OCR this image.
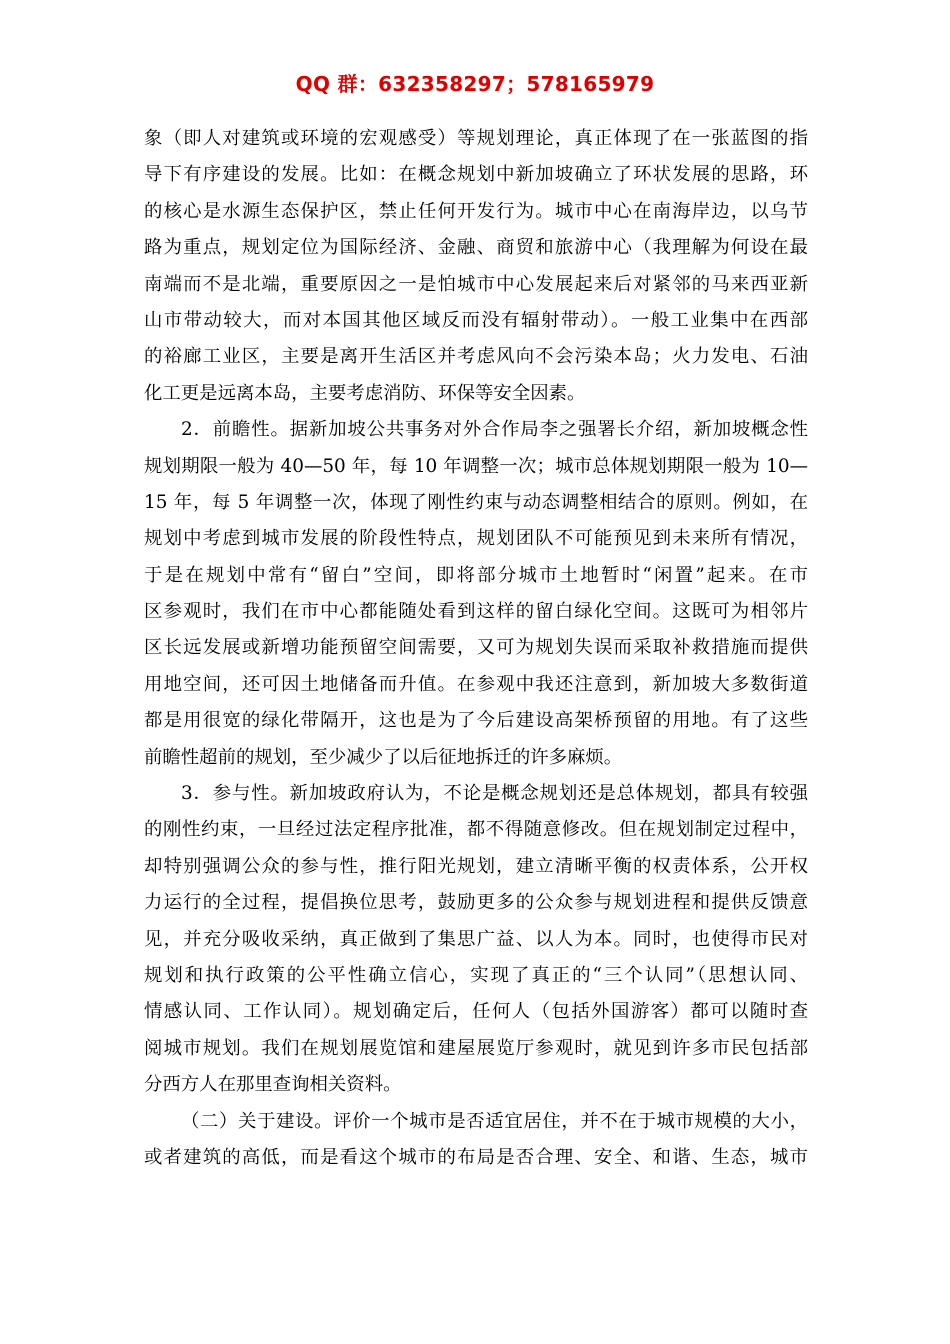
QQ 群：632358297；578165979
象（即人对建筑或环境的宏观感受）等规划理论，真正体现了在一张蓝图的指
导下有序建设的发展。比如：在概念规划中新加坡确立了环状发展的思路，环
的核心是水源生态保护区，禁止任何开发行为。城市中心在南海岸边，以乌节
路为重点，规划定位为国际经济、金融、商贸和旅游中心（我理解为何设在最
南端而不是北端，重要原因之一是怕城市中心发展起来后对紧邻的马来西亚新
山市带动较大，而对本国其他区域反而没有辐射带动）。一般工业集中在西部
的裕廊工业区，主要是离开生活区并考虑风向不会污染本岛；火力发电、石油
化工更是远离本岛，主要考虑消防、环保等安全因素。
2．前瞻性。据新加坡公共事务对外合作局李之强署长介绍，新加坡概念性
规划期限一般为 40—50 年，每 10 年调整一次；城市总体规划期限一般为 10—
15 年，每 5 年调整一次，体现了刚性约束与动态调整相结合的原则。例如，在
规划中考虑到城市发展的阶段性特点，规划团队不可能预见到未来所有情况，
于是在规划中常有“留白”空间，即将部分城市土地暂时“闲置”起来。在市
区参观时，我们在市中心都能随处看到这样的留白绿化空间。这既可为相邻片
区长远发展或新增功能预留空间需要，又可为规划失误而采取补救措施而提供
用地空间，还可因土地储备而升值。在参观中我还注意到，新加坡大多数街道
都是用很宽的绿化带隔开，这也是为了今后建设高架桥预留的用地。有了这些
前瞻性超前的规划，至少减少了以后征地拆迁的许多麻烦。
3．参与性。新加坡政府认为，不论是概念规划还是总体规划，都具有较强
的刚性约束，一旦经过法定程序批准，都不得随意修改。但在规划制定过程中，
却特别强调公众的参与性，推行阳光规划，建立清晰平衡的权责体系，公开权
力运行的全过程，提倡换位思考，鼓励更多的公众参与规划进程和提供反馈意
见，并充分吸收采纳，真正做到了集思广益、以人为本。同时，也使得市民对
规划和执行政策的公平性确立信心，实现了真正的“三个认同”（思想认同、
情感认同、工作认同）。规划确定后，任何人（包括外国游客）都可以随时查
阅城市规划。我们在规划展览馆和建屋展览厅参观时，就见到许多市民包括部
分西方人在那里查询相关资料。
（二）关于建设。评价一个城市是否适宜居住，并不在于城市规模的大小，
或者建筑的高低，而是看这个城市的布局是否合理、安全、和谐、生态，城市
